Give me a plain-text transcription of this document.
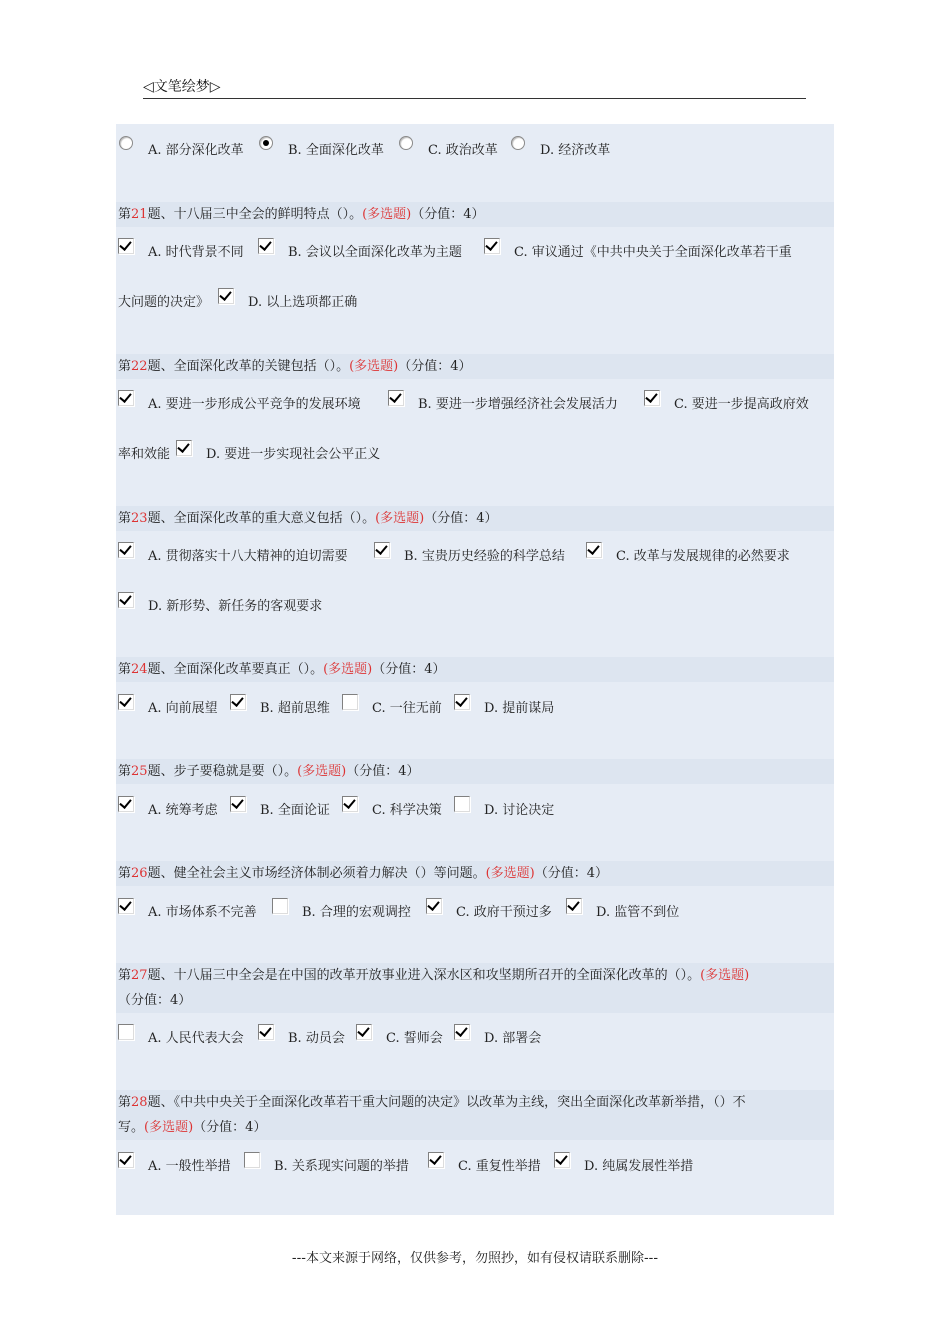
◁文笔绘梦▷
A. 部分深化改革	B. 全面深化改革	C. 政治改革	D. 经济改革
第21题、十八届三中全会的鲜明特点（）。(多选题)（分值：4）
A. 时代背景不同	B. 会议以全面深化改革为主题	C. 审议通过《中共中央关于全面深化改革若干重
大问题的决定》	D. 以上选项都正确
第22题、全面深化改革的关键包括（）。(多选题)（分值：4）
A. 要进一步形成公平竞争的发展环境	B. 要进一步增强经济社会发展活力	C. 要进一步提高政府效
率和效能	D. 要进一步实现社会公平正义
第23题、全面深化改革的重大意义包括（）。(多选题)（分值：4）
A. 贯彻落实十八大精神的迫切需要	B. 宝贵历史经验的科学总结	C. 改革与发展规律的必然要求
D. 新形势、新任务的客观要求
第24题、全面深化改革要真正（）。(多选题)（分值：4）
A. 向前展望	B. 超前思维	C. 一往无前	D. 提前谋局
第25题、步子要稳就是要（）。(多选题)（分值：4）
A. 统筹考虑	B. 全面论证	C. 科学决策	D. 讨论决定
第26题、健全社会主义市场经济体制必须着力解决（）等问题。(多选题)（分值：4）
A. 市场体系不完善	B. 合理的宏观调控	C. 政府干预过多	D. 监管不到位
第27题、十八届三中全会是在中国的改革开放事业进入深水区和攻坚期所召开的全面深化改革的（）。(多选题)
（分值：4）
A. 人民代表大会	B. 动员会	C. 誓师会	D. 部署会
第28题、《中共中央关于全面深化改革若干重大问题的决定》以改革为主线，突出全面深化改革新举措，（）不
写。(多选题)（分值：4）
A. 一般性举措	B. 关系现实问题的举措	C. 重复性举措	D. 纯属发展性举措
---本文来源于网络，仅供参考，勿照抄，如有侵权请联系删除---
